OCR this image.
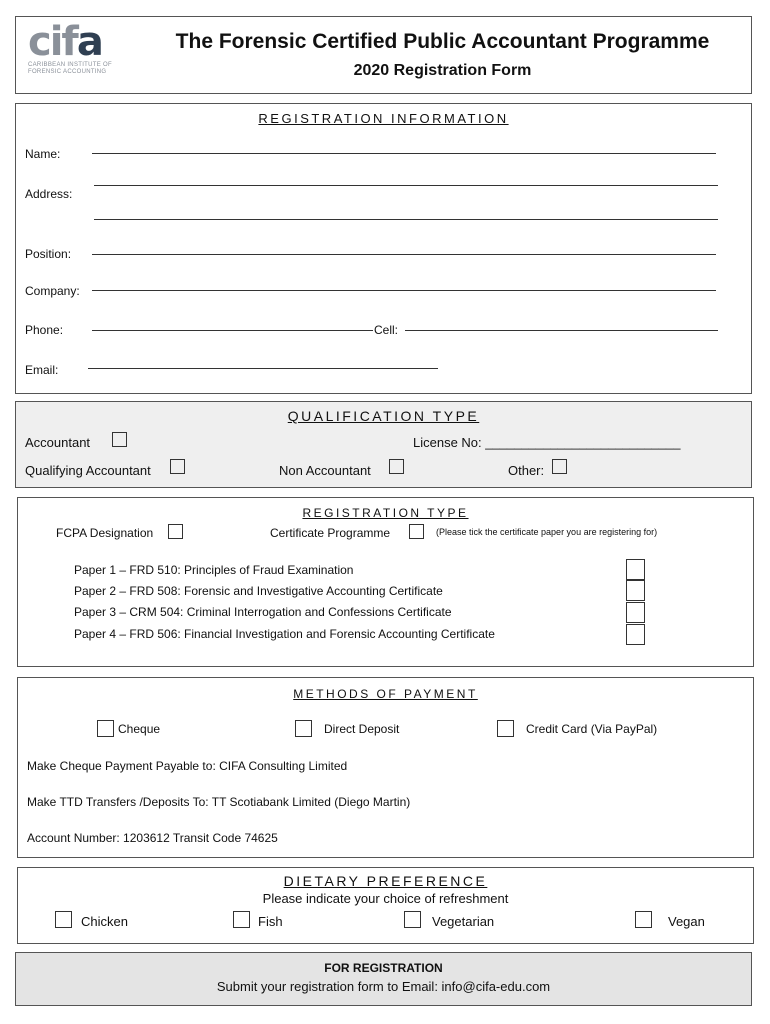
cifa
CARIBBEAN INSTITUTE OF
FORENSIC ACCOUNTING
The Forensic Certified Public Accountant Programme
2020 Registration Form
REGISTRATION INFORMATION
Name:
Address:
Position:
Company:
Phone:	Cell:
Email:
QUALIFICATION TYPE
Accountant	License No: ___________________________
Qualifying Accountant	Non Accountant	Other:
REGISTRATION TYPE
FCPA Designation	Certificate Programme	(Please tick the certificate paper you are registering for)
Paper 1 – FRD 510: Principles of Fraud Examination
Paper 2 – FRD 508: Forensic and Investigative Accounting Certificate
Paper 3 – CRM 504: Criminal Interrogation and Confessions Certificate
Paper 4 – FRD 506: Financial Investigation and Forensic Accounting Certificate
METHODS OF PAYMENT
Cheque	Direct Deposit	Credit Card (Via PayPal)
Make Cheque Payment Payable to: CIFA Consulting Limited
Make TTD Transfers /Deposits To: TT Scotiabank Limited (Diego Martin)
Account Number: 1203612 Transit Code 74625
DIETARY PREFERENCE
Please indicate your choice of refreshment
Chicken	Fish	Vegetarian	Vegan
FOR REGISTRATION
Submit your registration form to Email: info@cifa-edu.com
